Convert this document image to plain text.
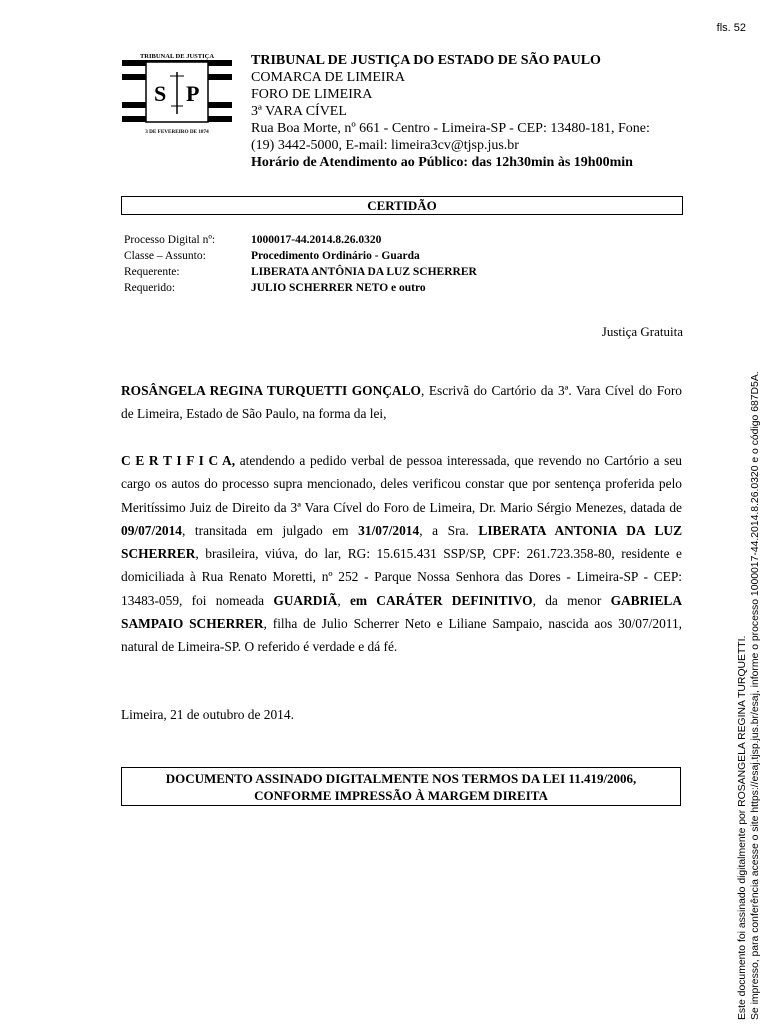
fls. 52
TRIBUNAL DE JUSTIÇA
S P
3 DE FEVEREIRO DE 1874
TRIBUNAL DE JUSTIÇA DO ESTADO DE SÃO PAULO
COMARCA DE LIMEIRA
FORO DE LIMEIRA
3ª VARA CÍVEL
Rua Boa Morte, nº 661 - Centro - Limeira-SP - CEP: 13480-181, Fone:
(19) 3442-5000, E-mail: limeira3cv@tjsp.jus.br
Horário de Atendimento ao Público: das 12h30min às 19h00min
CERTIDÃO
Processo Digital nº:	1000017-44.2014.8.26.0320
Classe – Assunto:	Procedimento Ordinário - Guarda
Requerente:	LIBERATA ANTÔNIA DA LUZ SCHERRER
Requerido:	JULIO SCHERRER NETO e outro
Justiça Gratuita
ROSÂNGELA REGINA TURQUETTI GONÇALO, Escrivã do Cartório da 3ª. Vara Cível do Foro de Limeira, Estado de São Paulo, na forma da lei,
C E R T I F I C A, atendendo a pedido verbal de pessoa interessada, que revendo no Cartório a seu cargo os autos do processo supra mencionado, deles verificou constar que por sentença proferida pelo Meritíssimo Juiz de Direito da 3ª Vara Cível do Foro de Limeira, Dr. Mario Sérgio Menezes, datada de 09/07/2014, transitada em julgado em 31/07/2014, a Sra. LIBERATA ANTONIA DA LUZ SCHERRER, brasileira, viúva, do lar, RG: 15.615.431 SSP/SP, CPF: 261.723.358-80, residente e domiciliada à Rua Renato Moretti, nº 252 - Parque Nossa Senhora das Dores - Limeira-SP - CEP: 13483-059, foi nomeada GUARDIÃ, em CARÁTER DEFINITIVO, da menor GABRIELA SAMPAIO SCHERRER, filha de Julio Scherrer Neto e Liliane Sampaio, nascida aos 30/07/2011, natural de Limeira-SP. O referido é verdade e dá fé.
Limeira, 21 de outubro de 2014.
DOCUMENTO ASSINADO DIGITALMENTE NOS TERMOS DA LEI 11.419/2006,
CONFORME IMPRESSÃO À MARGEM DIREITA	Este documento foi assinado digitalmente por ROSANGELA REGINA TURQUETTI. Se impresso, para conferência acesse o site https://esaj.tjsp.jus.br/esaj, informe o processo 1000017-44.2014.8.26.0320 e o código 687D5A.
